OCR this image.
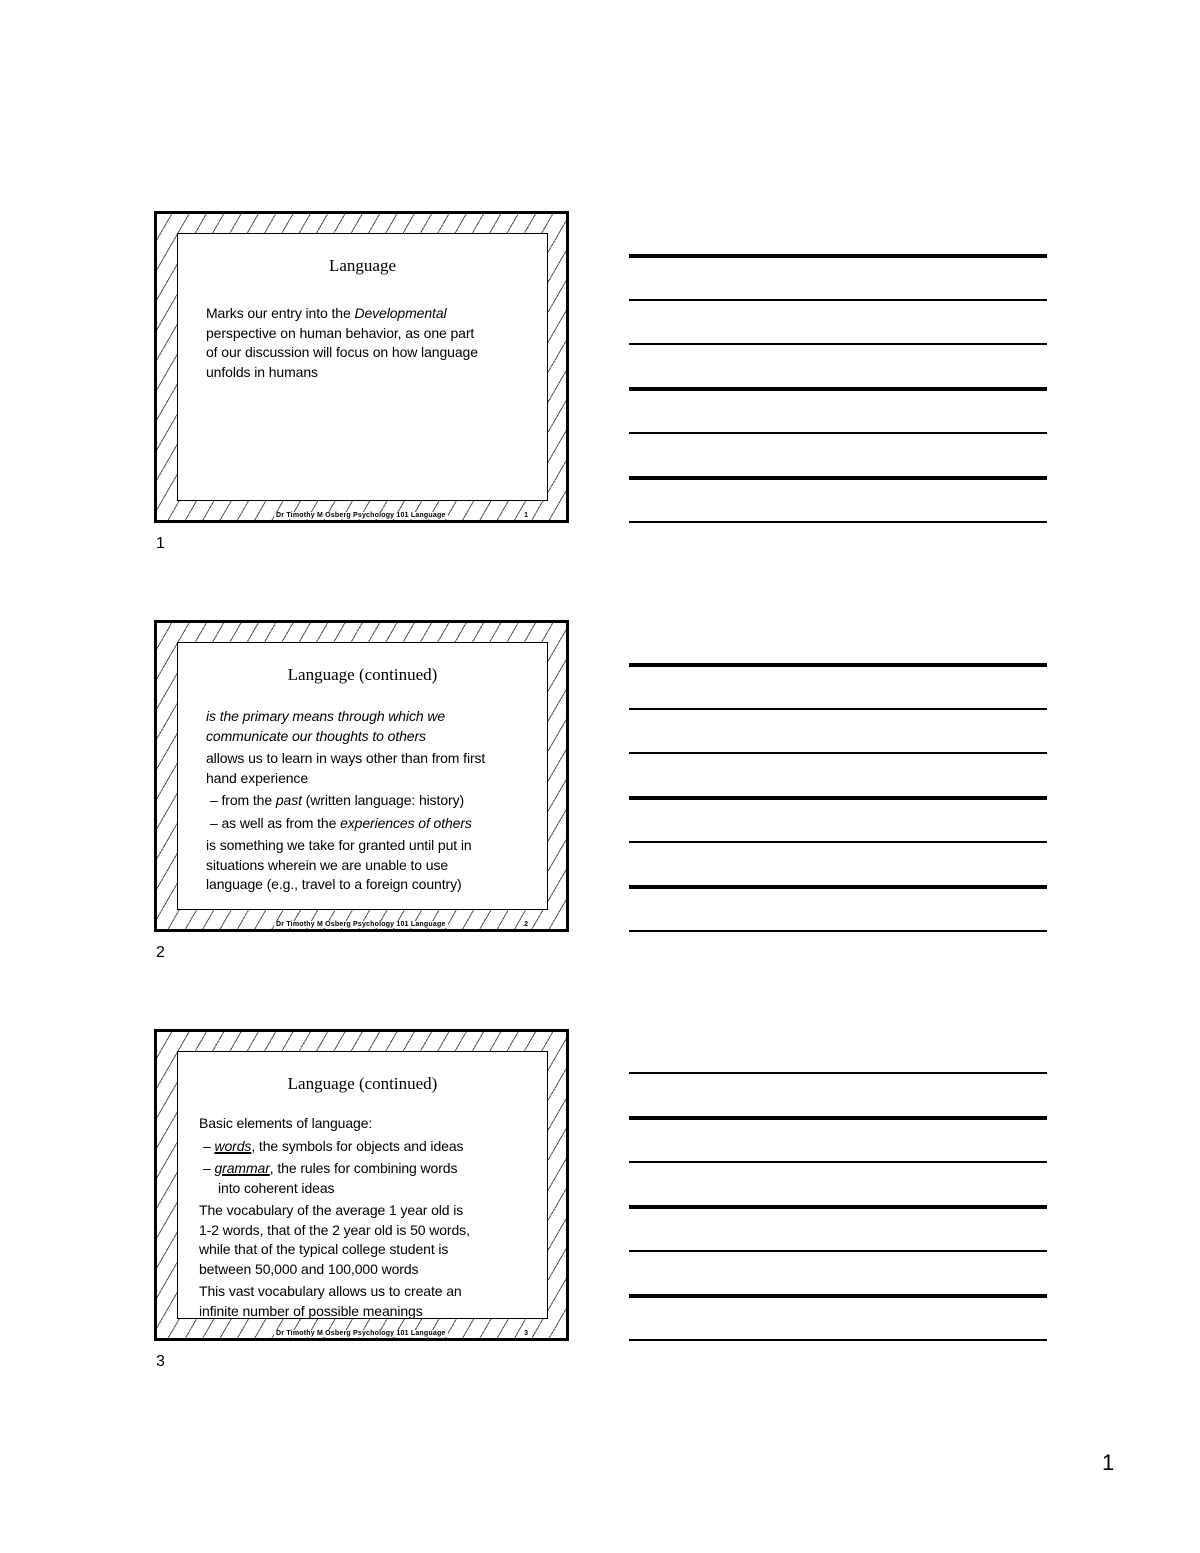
Language

Marks our entry into the Developmental

perspective on human behavior, as one part

of our discussion will focus on how language

unfolds in humans

Dr Timothy M Osberg Psychology 101 Language	1
1
Language (continued)

is the primary means through which we

communicate our thoughts to others

allows us to learn in ways other than from first

hand experience

– from the past (written language: history)

– as well as from the experiences of others

is something we take for granted until put in

situations wherein we are unable to use

language (e.g., travel to a foreign country)

Dr Timothy M Osberg Psychology 101 Language	2
2
Language (continued)

Basic elements of language:

– words, the symbols for objects and ideas

– grammar, the rules for combining words

into coherent ideas

The vocabulary of the average 1 year old is

1-2 words, that of the 2 year old is 50 words,

while that of the typical college student is

between 50,000 and 100,000 words

This vast vocabulary allows us to create an

infinite number of possible meanings

Dr Timothy M Osberg Psychology 101 Language	3
3
1
